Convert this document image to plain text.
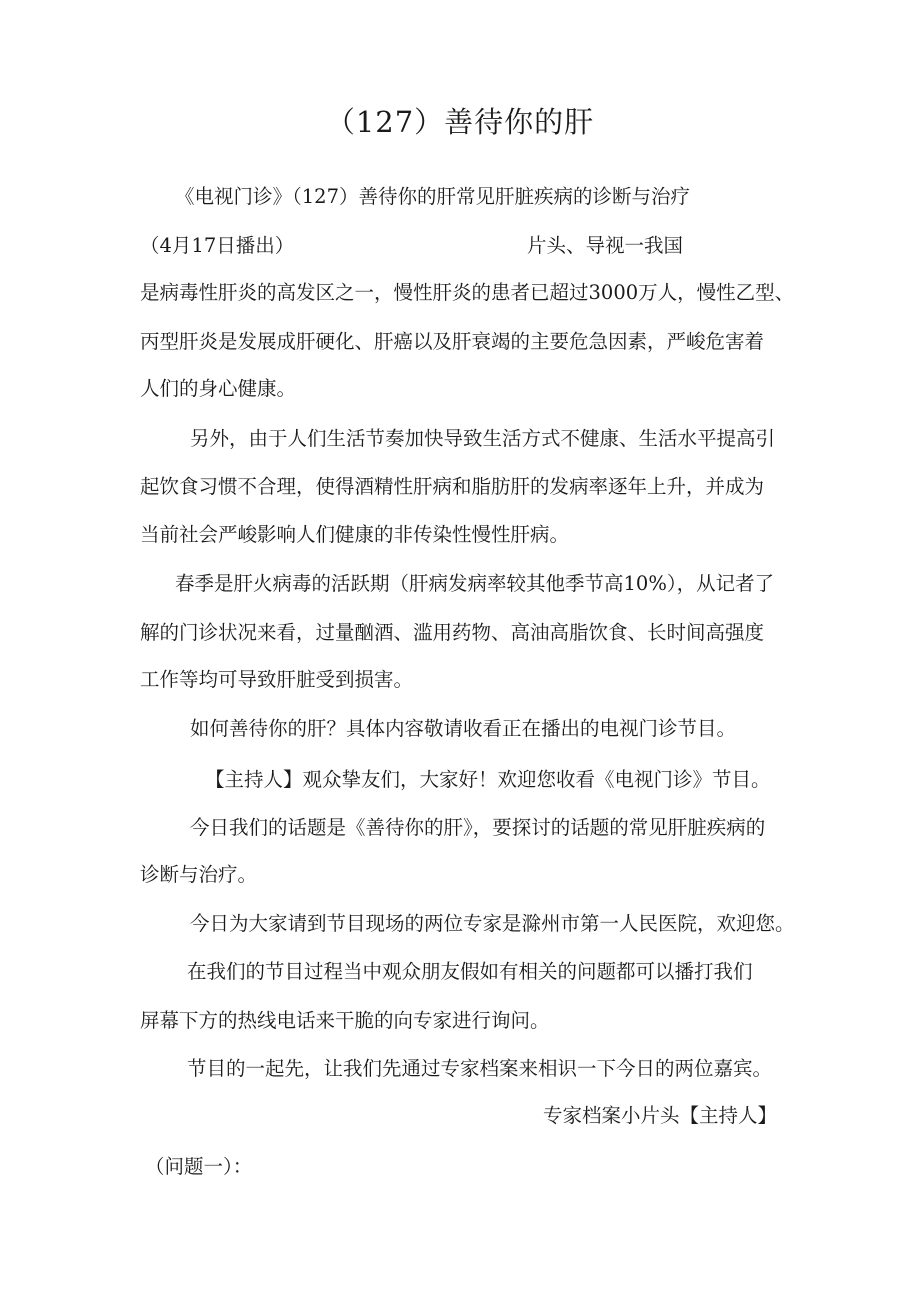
（127）善待你的肝
《电视门诊》（127）善待你的肝常见肝脏疾病的诊断与治疗
（4月17日播出）	片头、导视一我国
是病毒性肝炎的高发区之一，慢性肝炎的患者已超过3000万人，慢性乙型、
丙型肝炎是发展成肝硬化、肝癌以及肝衰竭的主要危急因素，严峻危害着
人们的身心健康。
另外，由于人们生活节奏加快导致生活方式不健康、生活水平提高引
起饮食习惯不合理，使得酒精性肝病和脂肪肝的发病率逐年上升，并成为
当前社会严峻影响人们健康的非传染性慢性肝病。
春季是肝火病毒的活跃期（肝病发病率较其他季节高10%），从记者了
解的门诊状况来看，过量酗酒、滥用药物、高油高脂饮食、长时间高强度
工作等均可导致肝脏受到损害。
如何善待你的肝？具体内容敬请收看正在播出的电视门诊节目。
【主持人】观众挚友们，大家好！欢迎您收看《电视门诊》节目。
今日我们的话题是《善待你的肝》，要探讨的话题的常见肝脏疾病的
诊断与治疗。
今日为大家请到节目现场的两位专家是滁州市第一人民医院，欢迎您。
在我们的节目过程当中观众朋友假如有相关的问题都可以播打我们
屏幕下方的热线电话来干脆的向专家进行询问。
节目的一起先，让我们先通过专家档案来相识一下今日的两位嘉宾。
专家档案小片头【主持人】
（问题一）：
